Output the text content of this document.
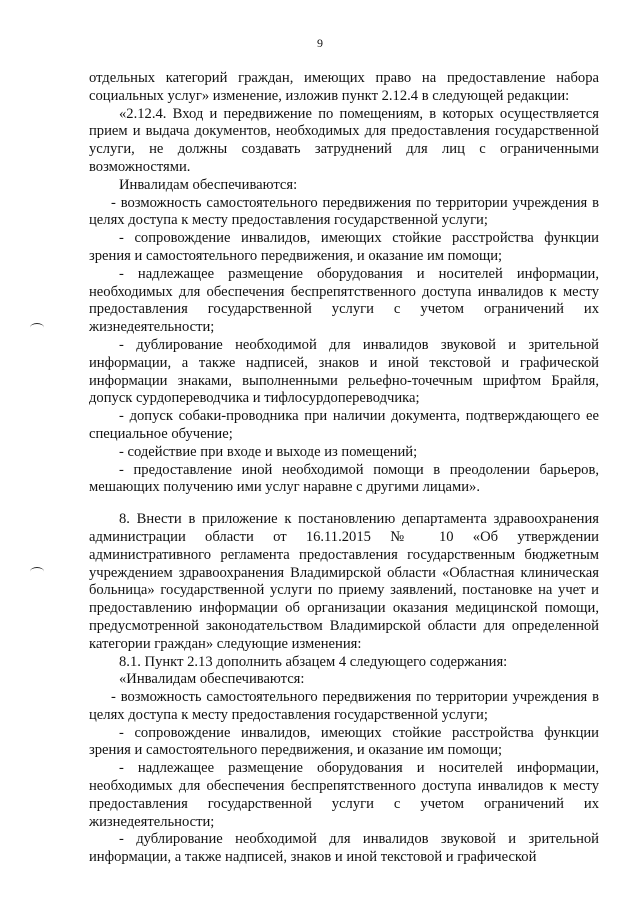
9

отдельных категорий граждан, имеющих право на предоставление набора социальных услуг» изменение, изложив пункт 2.12.4 в следующей редакции:

«2.12.4. Вход и передвижение по помещениям, в которых осуществляется прием и выдача документов, необходимых для предоставления государственной услуги, не должны создавать затруднений для лиц с ограниченными возможностями.

Инвалидам обеспечиваются:

- возможность самостоятельного передвижения по территории учреждения в целях доступа к месту предоставления государственной услуги;

- сопровождение инвалидов, имеющих стойкие расстройства функции зрения и самостоятельного передвижения, и оказание им помощи;

- надлежащее размещение оборудования и носителей информации, необходимых для обеспечения беспрепятственного доступа инвалидов к месту предоставления государственной услуги с учетом ограничений их жизнедеятельности;

- дублирование необходимой для инвалидов звуковой и зрительной информации, а также надписей, знаков и иной текстовой и графической информации знаками, выполненными рельефно-точечным шрифтом Брайля, допуск сурдопереводчика и тифлосурдопереводчика;

- допуск собаки-проводника при наличии документа, подтверждающего ее специальное обучение;

- содействие при входе и выходе из помещений;

- предоставление иной необходимой помощи в преодолении барьеров, мешающих получению ими услуг наравне с другими лицами».

8. Внести в приложение к постановлению департамента здравоохранения администрации области от 16.11.2015 № 10 «Об утверждении административного регламента предоставления государственным бюджетным учреждением здравоохранения Владимирской области «Областная клиническая больница» государственной услуги по приему заявлений, постановке на учет и предоставлению информации об организации оказания медицинской помощи, предусмотренной законодательством Владимирской области для определенной категории граждан» следующие изменения:

8.1. Пункт 2.13 дополнить абзацем 4 следующего содержания:

«Инвалидам обеспечиваются:

- возможность самостоятельного передвижения по территории учреждения в целях доступа к месту предоставления государственной услуги;

- сопровождение инвалидов, имеющих стойкие расстройства функции зрения и самостоятельного передвижения, и оказание им помощи;

- надлежащее размещение оборудования и носителей информации, необходимых для обеспечения беспрепятственного доступа инвалидов к месту предоставления государственной услуги с учетом ограничений их жизнедеятельности;

- дублирование необходимой для инвалидов звуковой и зрительной информации, а также надписей, знаков и иной текстовой и графической
